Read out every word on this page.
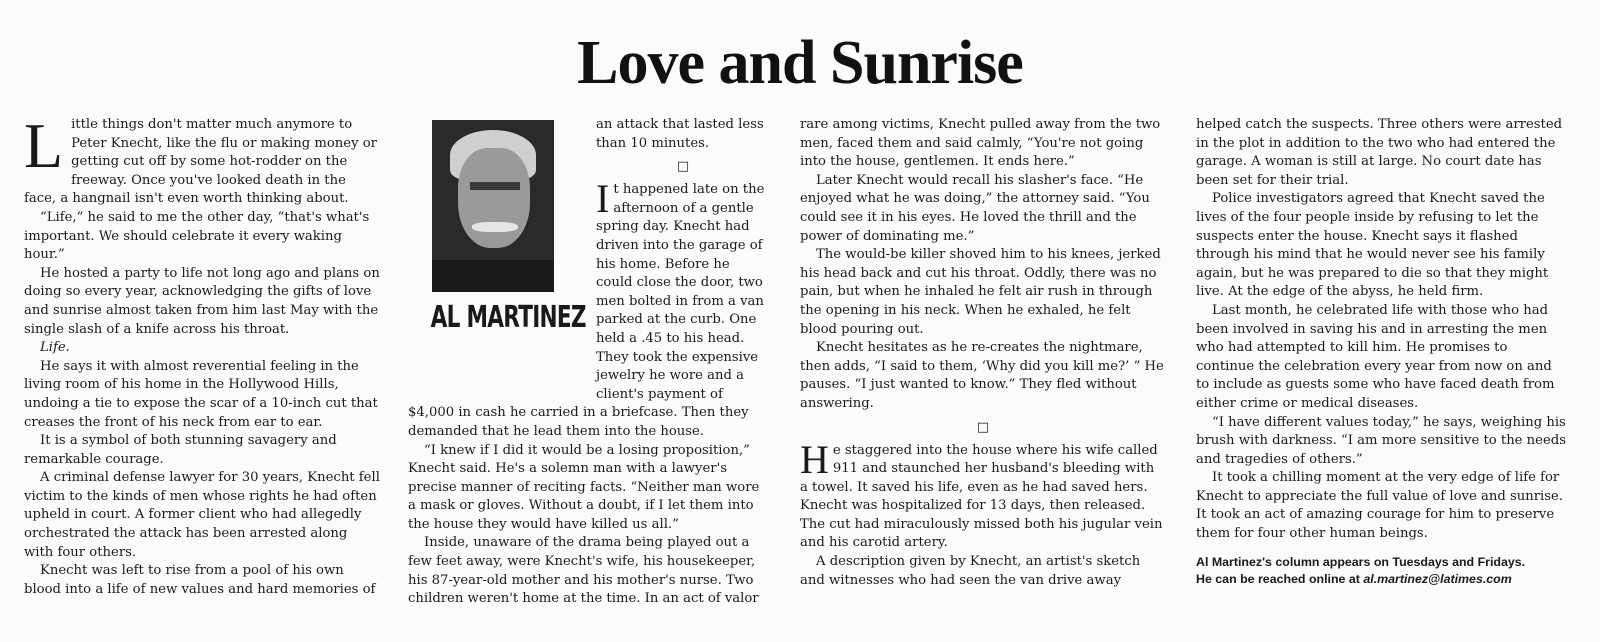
Love and Sunrise

Little things don't matter much anymore to Peter Knecht, like the flu or making money or getting cut off by some hot-rodder on the freeway. Once you've looked death in the face, a hangnail isn't even worth thinking about.

“Life,” he said to me the other day, “that's what's important. We should celebrate it every waking hour.”

He hosted a party to life not long ago and plans on doing so every year, acknowledging the gifts of love and sunrise almost taken from him last May with the single slash of a knife across his throat.

Life.

He says it with almost reverential feeling in the living room of his home in the Hollywood Hills, undoing a tie to expose the scar of a 10-inch cut that creases the front of his neck from ear to ear.

It is a symbol of both stunning savagery and remarkable courage.

A criminal defense lawyer for 30 years, Knecht fell victim to the kinds of men whose rights he had often upheld in court. A former client who had allegedly orchestrated the attack has been arrested along with four others.

Knecht was left to rise from a pool of his own blood into a life of new values and hard memories of

AL MARTINEZ

an attack that lasted less than 10 minutes.

□

It happened late on the afternoon of a gentle spring day. Knecht had driven into the garage of his home. Before he could close the door, two men bolted in from a van parked at the curb. One held a .45 to his head. They took the expensive jewelry he wore and a client's payment of $4,000 in cash he carried in a briefcase. Then they demanded that he lead them into the house.

“I knew if I did it would be a losing proposition,” Knecht said. He's a solemn man with a lawyer's precise manner of reciting facts. “Neither man wore a mask or gloves. Without a doubt, if I let them into the house they would have killed us all.”

Inside, unaware of the drama being played out a few feet away, were Knecht's wife, his housekeeper, his 87-year-old mother and his mother's nurse. Two children weren't home at the time. In an act of valor

rare among victims, Knecht pulled away from the two men, faced them and said calmly, “You're not going into the house, gentlemen. It ends here.”

Later Knecht would recall his slasher's face. “He enjoyed what he was doing,” the attorney said. “You could see it in his eyes. He loved the thrill and the power of dominating me.”

The would-be killer shoved him to his knees, jerked his head back and cut his throat. Oddly, there was no pain, but when he inhaled he felt air rush in through the opening in his neck. When he exhaled, he felt blood pouring out.

Knecht hesitates as he re-creates the nightmare, then adds, “I said to them, ‘Why did you kill me?’ ” He pauses. “I just wanted to know.” They fled without answering.

□

He staggered into the house where his wife called 911 and staunched her husband's bleeding with a towel. It saved his life, even as he had saved hers. Knecht was hospitalized for 13 days, then released. The cut had miraculously missed both his jugular vein and his carotid artery.

A description given by Knecht, an artist's sketch and witnesses who had seen the van drive away

helped catch the suspects. Three others were arrested in the plot in addition to the two who had entered the garage. A woman is still at large. No court date has been set for their trial.

Police investigators agreed that Knecht saved the lives of the four people inside by refusing to let the suspects enter the house. Knecht says it flashed through his mind that he would never see his family again, but he was prepared to die so that they might live. At the edge of the abyss, he held firm.

Last month, he celebrated life with those who had been involved in saving his and in arresting the men who had attempted to kill him. He promises to continue the celebration every year from now on and to include as guests some who have faced death from either crime or medical diseases.

“I have different values today,” he says, weighing his brush with darkness. “I am more sensitive to the needs and tragedies of others.”

It took a chilling moment at the very edge of life for Knecht to appreciate the full value of love and sunrise. It took an act of amazing courage for him to preserve them for four other human beings.

Al Martinez's column appears on Tuesdays and Fridays.
He can be reached online at al.martinez@latimes.com
